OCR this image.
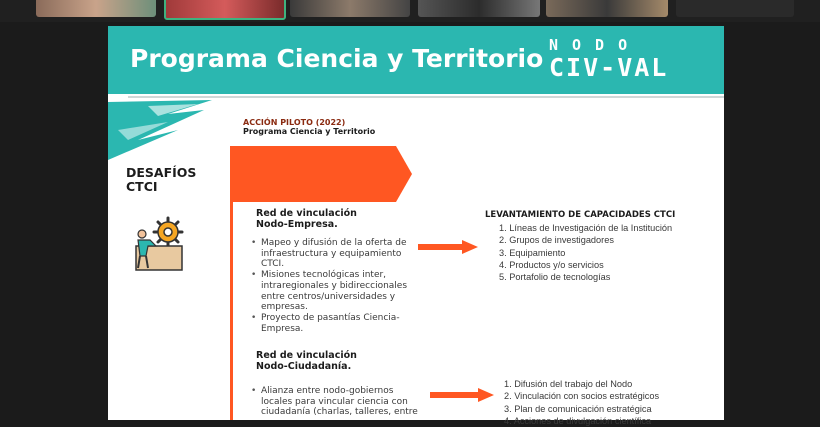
Programa Ciencia y Territorio NODO
CIV-VAL
DESAFÍOS
CTCI
ACCIÓN PILOTO (2022)
Programa Ciencia y Territorio
Red de vinculación
Nodo-Empresa.
• Mapeo y difusión de la oferta de infraestructura y equipamiento CTCI.
• Misiones tecnológicas inter, intraregionales y bidireccionales entre centros/universidades y empresas.
• Proyecto de pasantías Ciencia-Empresa.
LEVANTAMIENTO DE CAPACIDADES CTCI
1. Líneas de Investigación de la Institución
2. Grupos de investigadores
3. Equipamiento
4. Productos y/o servicios
5. Portafolio de tecnologías
Red de vinculación
Nodo-Ciudadanía.
• Alianza entre nodo-gobiernos locales para vincular ciencia con ciudadanía (charlas, talleres, entre
1. Difusión del trabajo del Nodo
2. Vinculación con socios estratégicos
3. Plan de comunicación estratégica
4. Acciones de divulgación científica
